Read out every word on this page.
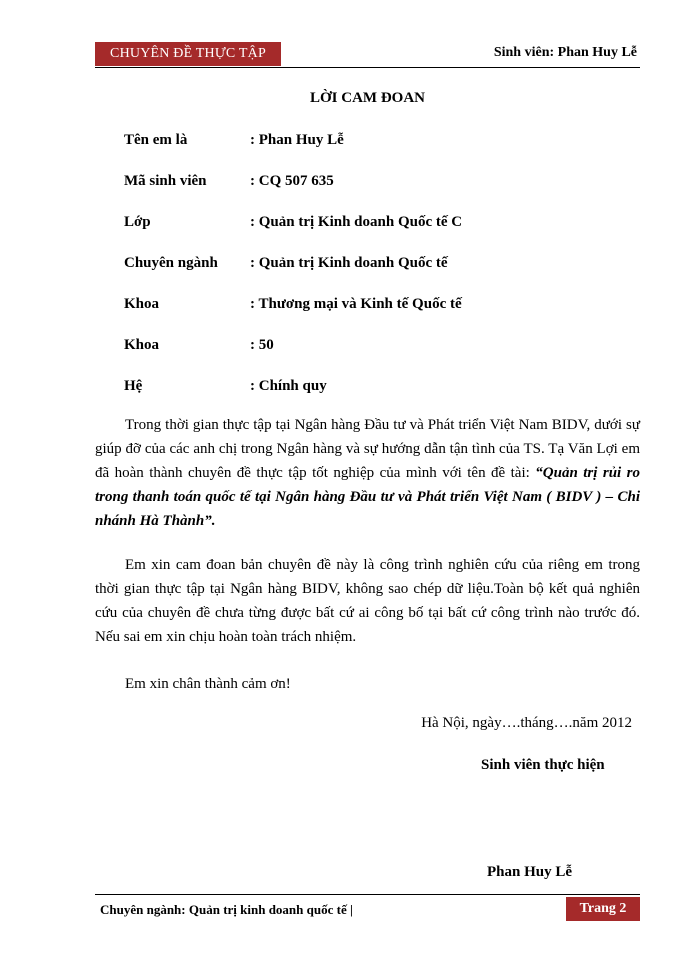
CHUYÊN ĐỀ THỰC TẬP	Sinh viên: Phan Huy Lễ
LỜI CAM ĐOAN
Tên em là	: Phan Huy Lễ
Mã sinh viên	: CQ 507 635
Lớp	: Quản trị Kinh doanh Quốc tế C
Chuyên ngành : Quản trị Kinh doanh Quốc tế
Khoa	: Thương mại và Kinh tế Quốc tế
Khoa	: 50
Hệ	: Chính quy
Trong thời gian thực tập tại Ngân hàng Đầu tư và Phát triển Việt Nam BIDV, dưới sự giúp đỡ của các anh chị trong Ngân hàng và sự hướng dẫn tận tình của TS. Tạ Văn Lợi em đã hoàn thành chuyên đề thực tập tốt nghiệp của mình với tên đề tài: “Quản trị rủi ro trong thanh toán quốc tế tại Ngân hàng Đầu tư và Phát triển Việt Nam ( BIDV ) – Chi nhánh Hà Thành”.
Em xin cam đoan bản chuyên đề này là công trình nghiên cứu của riêng em trong thời gian thực tập tại Ngân hàng BIDV, không sao chép dữ liệu.Toàn bộ kết quả nghiên cứu của chuyên đề chưa từng được bất cứ ai công bố tại bất cứ công trình nào trước đó. Nếu sai em xin chịu hoàn toàn trách nhiệm.
Em xin chân thành cảm ơn!
Hà Nội, ngày….tháng….năm 2012
Sinh viên thực hiện
Phan Huy Lễ
Chuyên ngành: Quản trị kinh doanh quốc tế |	Trang 2
